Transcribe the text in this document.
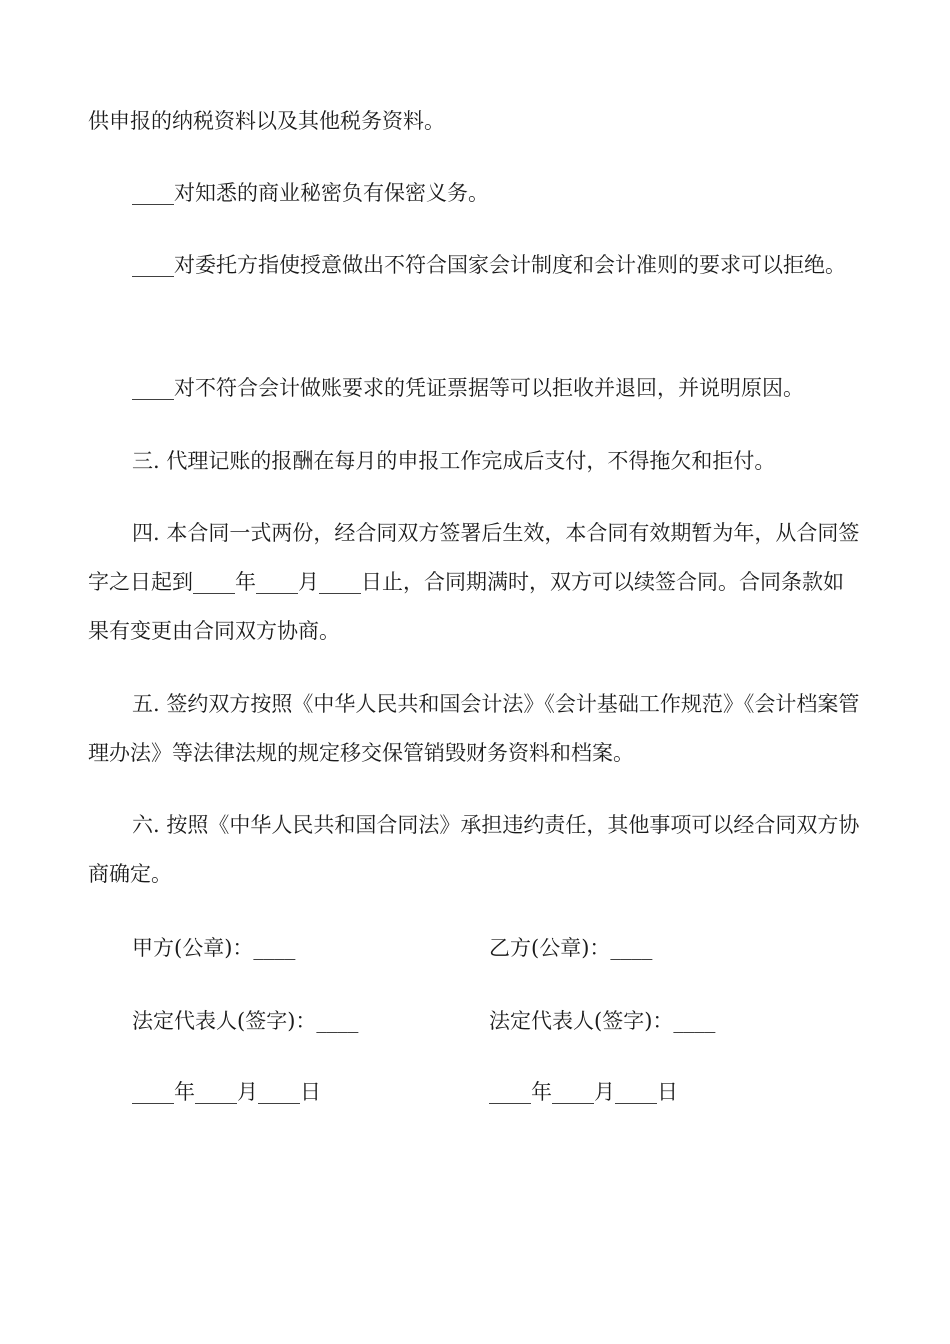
供申报的纳税资料以及其他税务资料。
____对知悉的商业秘密负有保密义务。
____对委托方指使授意做出不符合国家会计制度和会计准则的要求可以拒绝。
____对不符合会计做账要求的凭证票据等可以拒收并退回，并说明原因。
三. 代理记账的报酬在每月的申报工作完成后支付，不得拖欠和拒付。
四. 本合同一式两份，经合同双方签署后生效，本合同有效期暂为年，从合同签字之日起到____年____月____日止，合同期满时，双方可以续签合同。合同条款如果有变更由合同双方协商。
五. 签约双方按照《中华人民共和国会计法》《会计基础工作规范》《会计档案管理办法》等法律法规的规定移交保管销毁财务资料和档案。
六. 按照《中华人民共和国合同法》承担违约责任，其他事项可以经合同双方协商确定。
甲方(公章)：____	乙方(公章)：____
法定代表人(签字)：____	法定代表人(签字)：____
____年____月____日	____年____月____日
